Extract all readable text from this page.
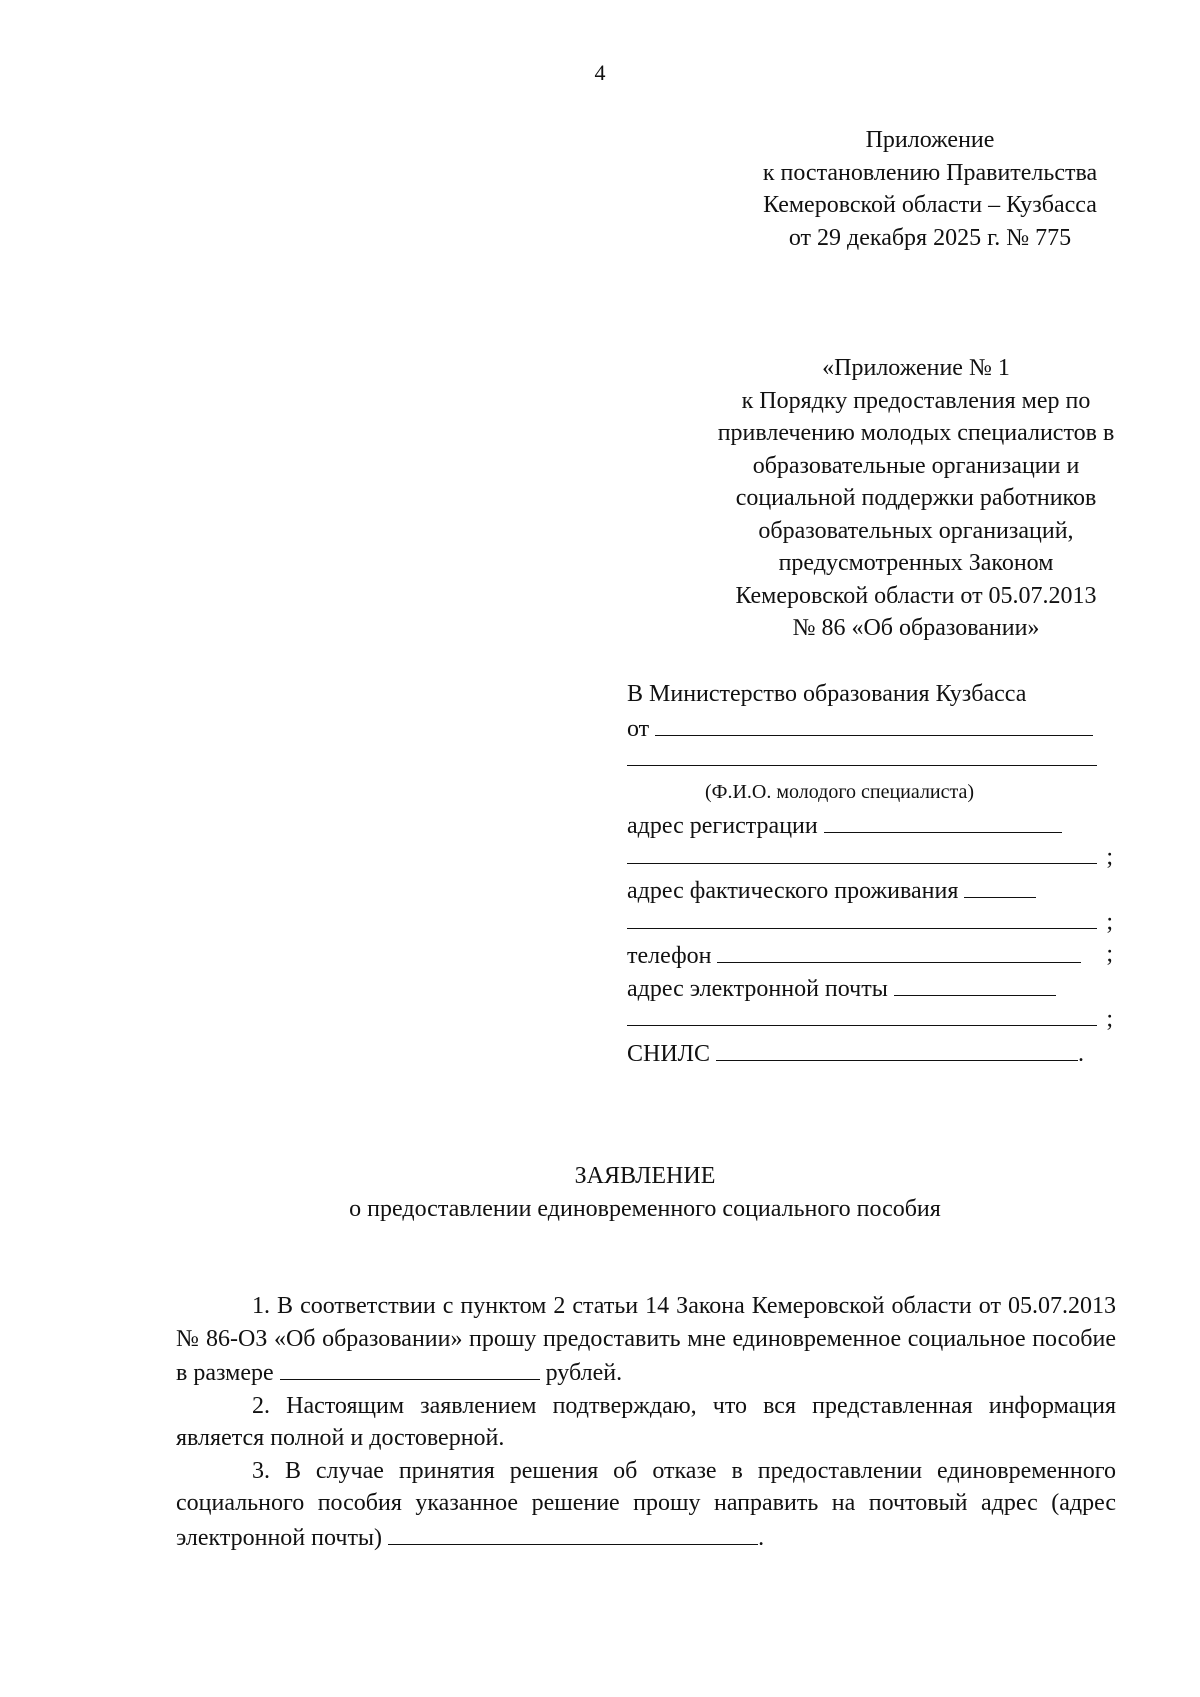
4
Приложение
к постановлению Правительства
Кемеровской области – Кузбасса
от 29 декабря 2025 г. № 775
«Приложение № 1
к Порядку предоставления мер по
привлечению молодых специалистов в
образовательные организации и
социальной поддержки работников
образовательных организаций,
предусмотренных Законом
Кемеровской области от 05.07.2013
№ 86 «Об образовании»
В Министерство образования Кузбасса
от
(Ф.И.О. молодого специалиста)
адрес регистрации
;
адрес фактического проживания
;
телефон	;
адрес электронной почты
;
СНИЛС	.
ЗАЯВЛЕНИЕ
о предоставлении единовременного социального пособия

1. В соответствии с пунктом 2 статьи 14 Закона Кемеровской области от 05.07.2013 № 86-ОЗ «Об образовании» прошу предоставить мне единовременное социальное пособие в размере	рублей.

2. Настоящим заявлением подтверждаю, что вся представленная информация является полной и достоверной.

3. В случае принятия решения об отказе в предоставлении единовременного социального пособия указанное решение прошу направить на почтовый адрес (адрес электронной почты)	.
